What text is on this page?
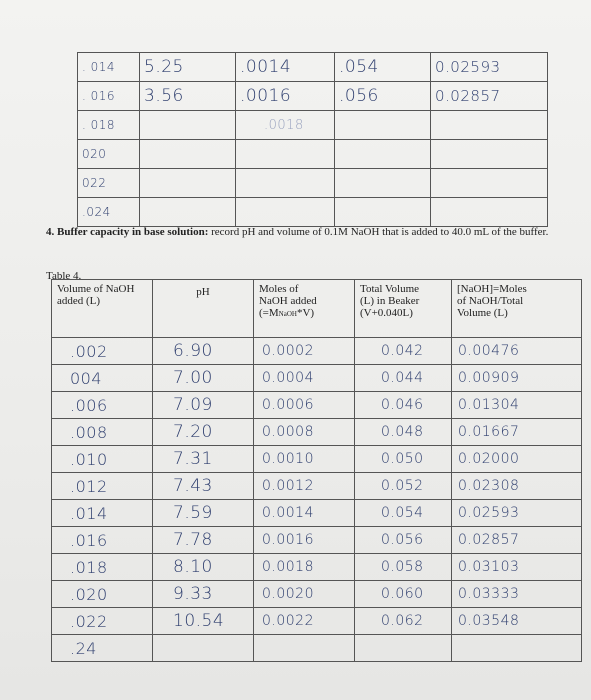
. 014	5.25	.0014	.054	0.02593
. 016	3.56	.0016	.056	0.02857
. 018		.0018		
020				
022				
.024				
4. Buffer capacity in base solution: record pH and volume of 0.1M NaOH that is added to 40.0 mL of the buffer.
Table 4.
Volume of NaOH added (L)	pH	Moles of
NaOH added
(=MNaOH*V)	Total Volume
(L) in Beaker
(V+0.040L)	[NaOH]=Moles
of NaOH/Total
Volume (L)
.002	6.90	0.0002	0.042	0.00476
004	7.00	0.0004	0.044	0.00909
.006	7.09	0.0006	0.046	0.01304
.008	7.20	0.0008	0.048	0.01667
.010	7.31	0.0010	0.050	0.02000
.012	7.43	0.0012	0.052	0.02308
.014	7.59	0.0014	0.054	0.02593
.016	7.78	0.0016	0.056	0.02857
.018	8.10	0.0018	0.058	0.03103
.020	9.33	0.0020	0.060	0.03333
.022	10.54	0.0022	0.062	0.03548
.24				
